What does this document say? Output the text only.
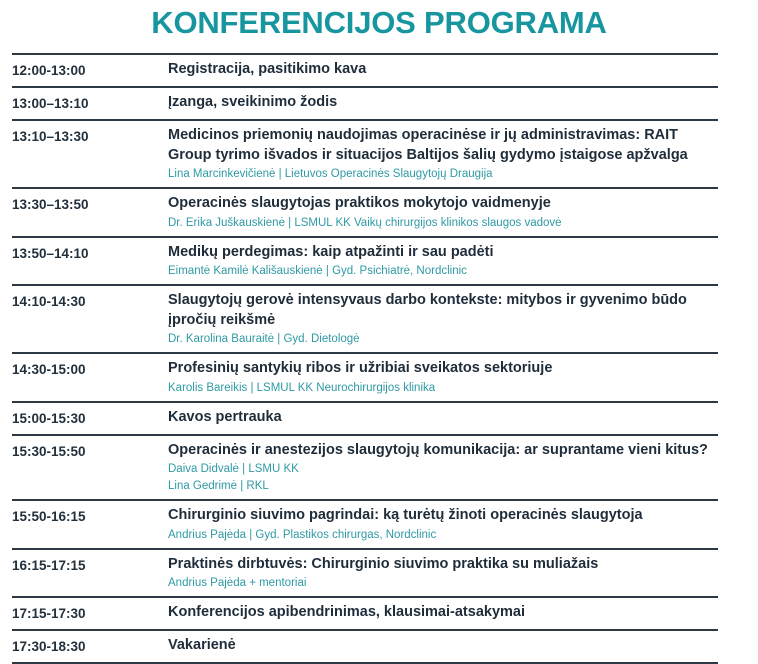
KONFERENCIJOS PROGRAMA
12:00-13:00	Registracija, pasitikimo kava
13:00–13:10	Įzanga, sveikinimo žodis
13:10–13:30	Medicinos priemonių naudojimas operacinėse ir jų administravimas: RAIT Group tyrimo išvados ir situacijos Baltijos šalių gydymo įstaigose apžvalga
Lina Marcinkevičienė | Lietuvos Operacinės Slaugytojų Draugija
13:30–13:50	Operacinės slaugytojas praktikos mokytojo vaidmenyje
Dr. Erika Juškauskienė | LSMUL KK Vaikų chirurgijos klinikos slaugos vadovė
13:50–14:10	Medikų perdegimas: kaip atpažinti ir sau padėti
Eimantė Kamilė Kališauskienė | Gyd. Psichiatrė, Nordclinic
14:10-14:30	Slaugytojų gerovė intensyvaus darbo kontekste: mitybos ir gyvenimo būdo įpročių reikšmė
Dr. Karolina Bauraitė | Gyd. Dietologė
14:30-15:00	Profesinių santykių ribos ir užribiai sveikatos sektoriuje
Karolis Bareikis | LSMUL KK Neurochirurgijos klinika
15:00-15:30	Kavos pertrauka
15:30-15:50	Operacinės ir anestezijos slaugytojų komunikacija: ar suprantame vieni kitus?
Daiva Didvalė | LSMU KK
Lina Gedrimė | RKL
15:50-16:15	Chirurginio siuvimo pagrindai: ką turėtų žinoti operacinės slaugytoja
Andrius Pajėda | Gyd. Plastikos chirurgas, Nordclinic
16:15-17:15	Praktinės dirbtuvės: Chirurginio siuvimo praktika su muliažais
Andrius Pajėda + mentoriai
17:15-17:30	Konferencijos apibendrinimas, klausimai-atsakymai
17:30-18:30	Vakarienė
